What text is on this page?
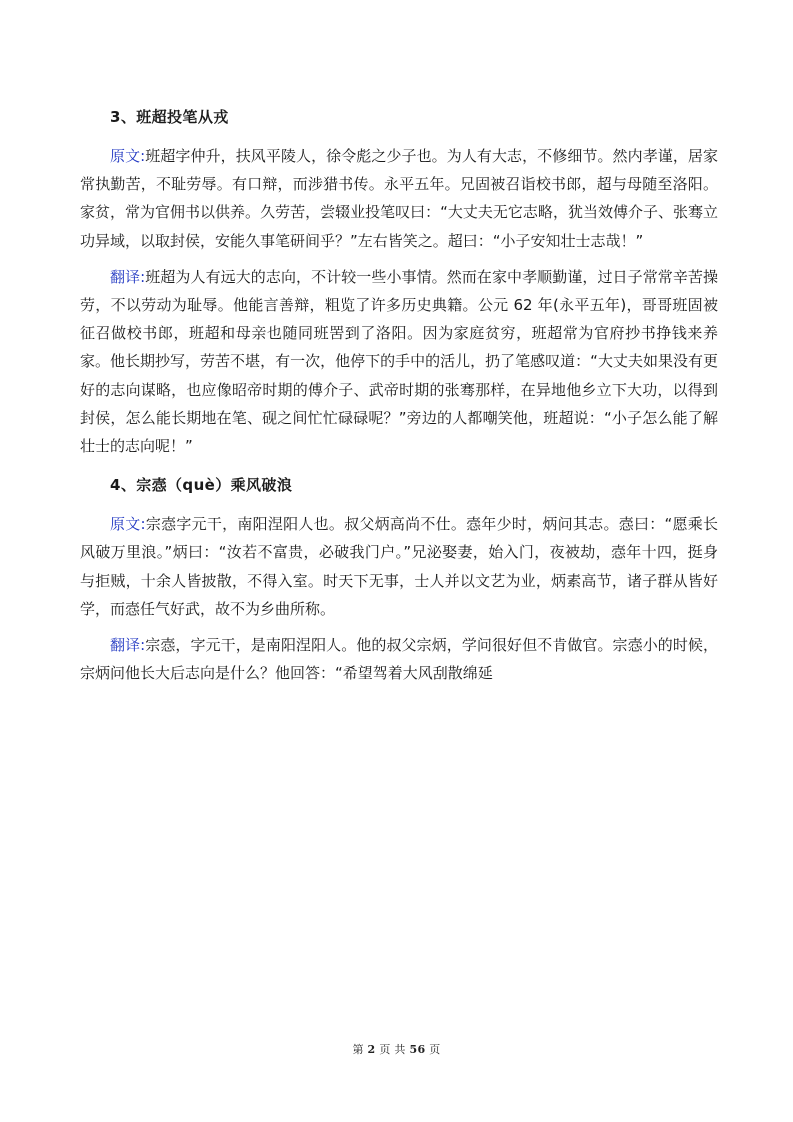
3、班超投笔从戎

原文:班超字仲升，扶风平陵人，徐令彪之少子也。为人有大志，不修细节。然内孝谨，居家常执勤苦，不耻劳辱。有口辩，而涉猎书传。永平五年。兄固被召诣校书郎，超与母随至洛阳。家贫，常为官佣书以供养。久劳苦，尝辍业投笔叹曰：“大丈夫无它志略，犹当效傅介子、张骞立功异域，以取封侯，安能久事笔研间乎？”左右皆笑之。超曰：“小子安知壮士志哉！”

翻译:班超为人有远大的志向，不计较一些小事情。然而在家中孝顺勤谨，过日子常常辛苦操劳，不以劳动为耻辱。他能言善辩，粗览了许多历史典籍。公元 62 年(永平五年)，哥哥班固被征召做校书郎，班超和母亲也随同班罟到了洛阳。因为家庭贫穷，班超常为官府抄书挣钱来养家。他长期抄写，劳苦不堪，有一次，他停下的手中的活儿，扔了笔感叹道：“大丈夫如果没有更好的志向谋略，也应像昭帝时期的傅介子、武帝时期的张骞那样，在异地他乡立下大功，以得到封侯，怎么能长期地在笔、砚之间忙忙碌碌呢？”旁边的人都嘲笑他，班超说：“小子怎么能了解壮士的志向呢！”

4、宗悫（què）乘风破浪

原文:宗悫字元干，南阳涅阳人也。叔父炳高尚不仕。悫年少时，炳问其志。悫曰：“愿乘长风破万里浪。”炳曰：“汝若不富贵，必破我门户。”兄泌娶妻，始入门，夜被劫，悫年十四，挺身与拒贼，十余人皆披散，不得入室。时天下无事，士人并以文艺为业，炳素高节，诸子群从皆好学，而悫任气好武，故不为乡曲所称。

翻译:宗悫，字元干，是南阳涅阳人。他的叔父宗炳，学问很好但不肯做官。宗悫小的时候，宗炳问他长大后志向是什么？他回答：“希望驾着大风刮散绵延

第 2 页 共 56 页
